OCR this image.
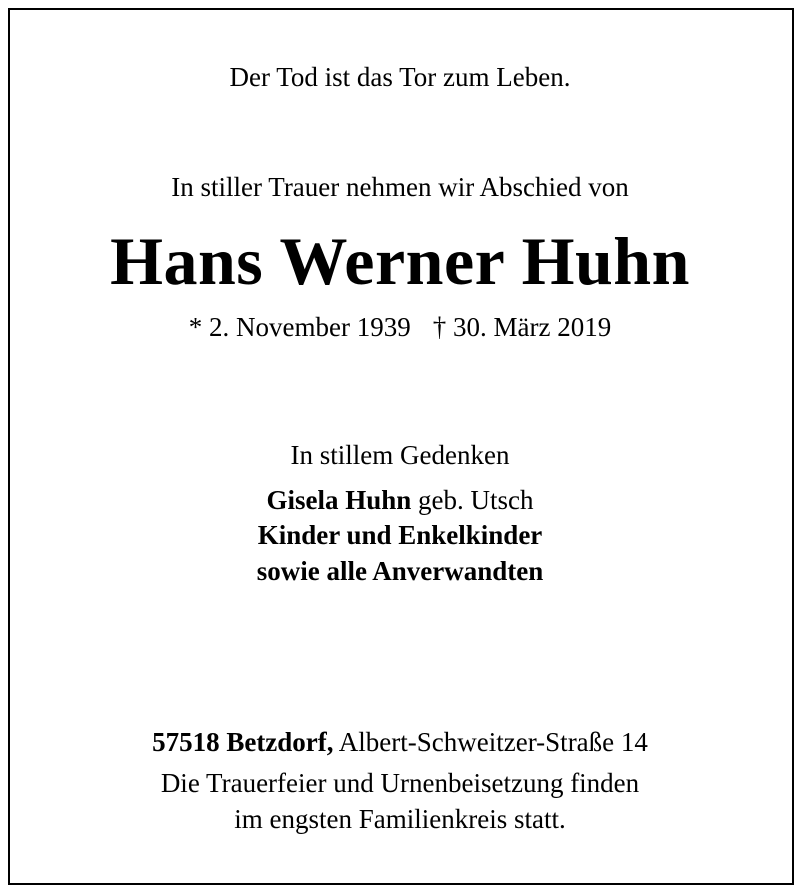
Der Tod ist das Tor zum Leben.
In stiller Trauer nehmen wir Abschied von
Hans Werner Huhn
* 2. November 1939 † 30. März 2019
In stillem Gedenken
Gisela Huhn geb. Utsch
Kinder und Enkelkinder
sowie alle Anverwandten
57518 Betzdorf, Albert-Schweitzer-Straße 14
Die Trauerfeier und Urnenbeisetzung finden
im engsten Familienkreis statt.
